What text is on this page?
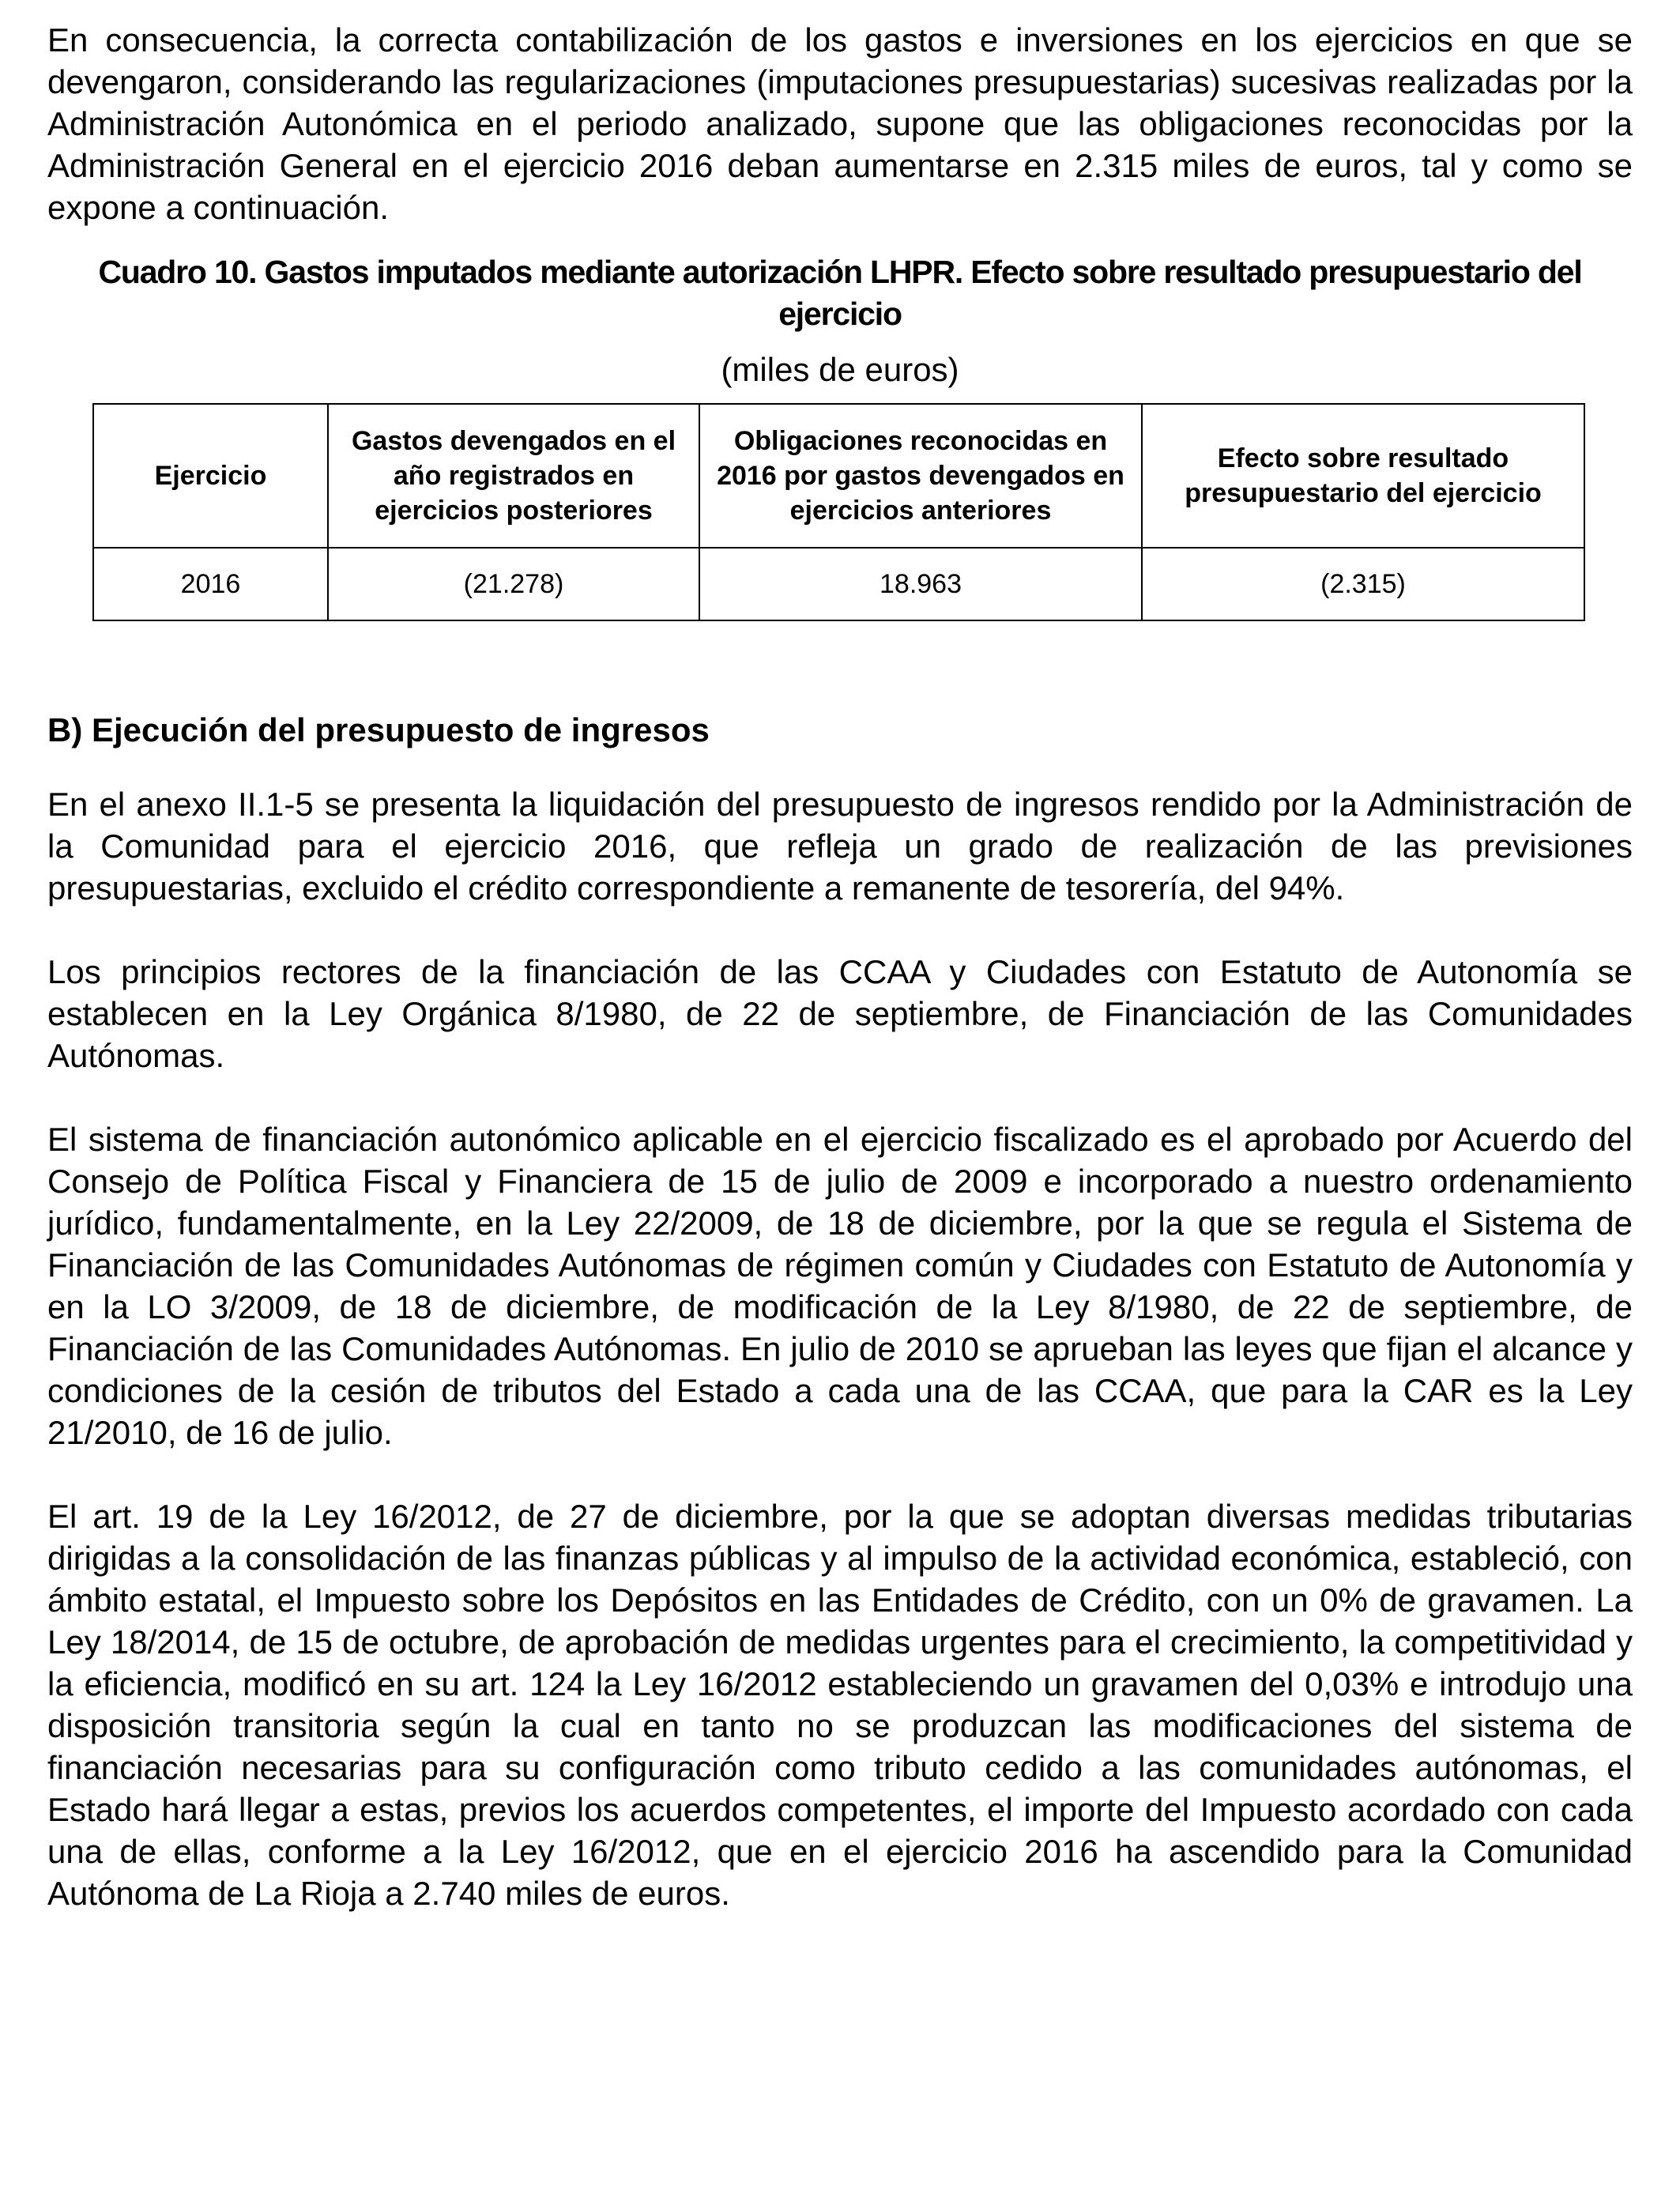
En consecuencia, la correcta contabilización de los gastos e inversiones en los ejercicios en que se devengaron, considerando las regularizaciones (imputaciones presupuestarias) sucesivas realizadas por la Administración Autonómica en el periodo analizado, supone que las obligaciones reconocidas por la Administración General en el ejercicio 2016 deban aumentarse en 2.315 miles de euros, tal y como se expone a continuación.

Cuadro 10. Gastos imputados mediante autorización LHPR. Efecto sobre resultado presupuestario del ejercicio

(miles de euros)

Ejercicio	Gastos devengados en el año registrados en ejercicios posteriores	Obligaciones reconocidas en 2016 por gastos devengados en ejercicios anteriores	Efecto sobre resultado presupuestario del ejercicio
2016	(21.278)	18.963	(2.315)

B) Ejecución del presupuesto de ingresos

En el anexo II.1-5 se presenta la liquidación del presupuesto de ingresos rendido por la Administración de la Comunidad para el ejercicio 2016, que refleja un grado de realización de las previsiones presupuestarias, excluido el crédito correspondiente a remanente de tesorería, del 94%.

Los principios rectores de la financiación de las CCAA y Ciudades con Estatuto de Autonomía se establecen en la Ley Orgánica 8/1980, de 22 de septiembre, de Financiación de las Comunidades Autónomas.

El sistema de financiación autonómico aplicable en el ejercicio fiscalizado es el aprobado por Acuerdo del Consejo de Política Fiscal y Financiera de 15 de julio de 2009 e incorporado a nuestro ordenamiento jurídico, fundamentalmente, en la Ley 22/2009, de 18 de diciembre, por la que se regula el Sistema de Financiación de las Comunidades Autónomas de régimen común y Ciudades con Estatuto de Autonomía y en la LO 3/2009, de 18 de diciembre, de modificación de la Ley 8/1980, de 22 de septiembre, de Financiación de las Comunidades Autónomas. En julio de 2010 se aprueban las leyes que fijan el alcance y condiciones de la cesión de tributos del Estado a cada una de las CCAA, que para la CAR es la Ley 21/2010, de 16 de julio.

El art. 19 de la Ley 16/2012, de 27 de diciembre, por la que se adoptan diversas medidas tributarias dirigidas a la consolidación de las finanzas públicas y al impulso de la actividad económica, estableció, con ámbito estatal, el Impuesto sobre los Depósitos en las Entidades de Crédito, con un 0% de gravamen. La Ley 18/2014, de 15 de octubre, de aprobación de medidas urgentes para el crecimiento, la competitividad y la eficiencia, modificó en su art. 124 la Ley 16/2012 estableciendo un gravamen del 0,03% e introdujo una disposición transitoria según la cual en tanto no se produzcan las modificaciones del sistema de financiación necesarias para su configuración como tributo cedido a las comunidades autónomas, el Estado hará llegar a estas, previos los acuerdos competentes, el importe del Impuesto acordado con cada una de ellas, conforme a la Ley 16/2012, que en el ejercicio 2016 ha ascendido para la Comunidad Autónoma de La Rioja a 2.740 miles de euros.
